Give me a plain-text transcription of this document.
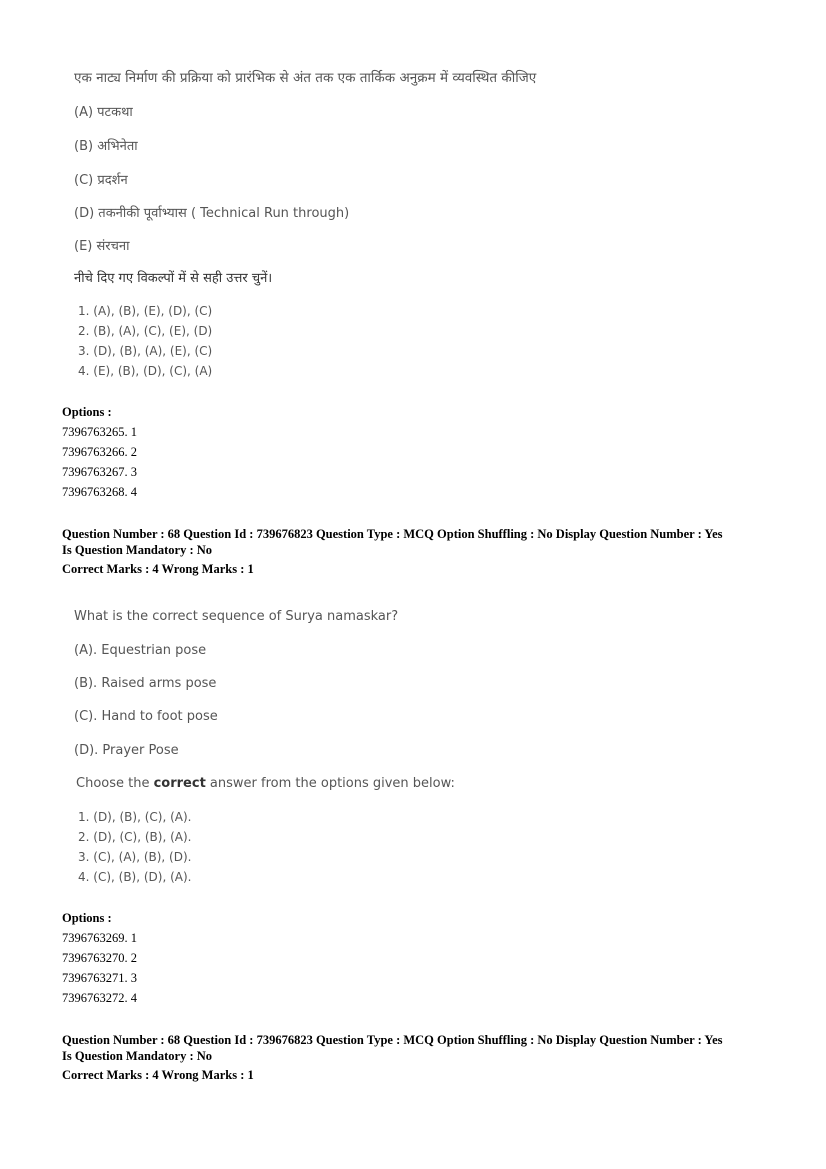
एक नाट्य निर्माण की प्रक्रिया को प्रारंभिक से अंत तक एक तार्किक अनुक्रम में व्यवस्थित कीजिए
(A) पटकथा
(B) अभिनेता
(C) प्रदर्शन
(D) तकनीकी पूर्वाभ्यास ( Technical Run through)
(E) संरचना
नीचे दिए गए विकल्पों में से सही उत्तर चुनें।
1. (A), (B), (E), (D), (C)
2. (B), (A), (C), (E), (D)
3. (D), (B), (A), (E), (C)
4. (E), (B), (D), (C), (A)
Options :
7396763265. 1
7396763266. 2
7396763267. 3
7396763268. 4
Question Number : 68 Question Id : 739676823 Question Type : MCQ Option Shuffling : No Display Question Number : Yes
Is Question Mandatory : No
Correct Marks : 4 Wrong Marks : 1
What is the correct sequence of Surya namaskar?
(A). Equestrian pose
(B). Raised arms pose
(C). Hand to foot pose
(D). Prayer Pose
Choose the correct answer from the options given below:
1. (D), (B), (C), (A).
2. (D), (C), (B), (A).
3. (C), (A), (B), (D).
4. (C), (B), (D), (A).
Options :
7396763269. 1
7396763270. 2
7396763271. 3
7396763272. 4
Question Number : 68 Question Id : 739676823 Question Type : MCQ Option Shuffling : No Display Question Number : Yes
Is Question Mandatory : No
Correct Marks : 4 Wrong Marks : 1
